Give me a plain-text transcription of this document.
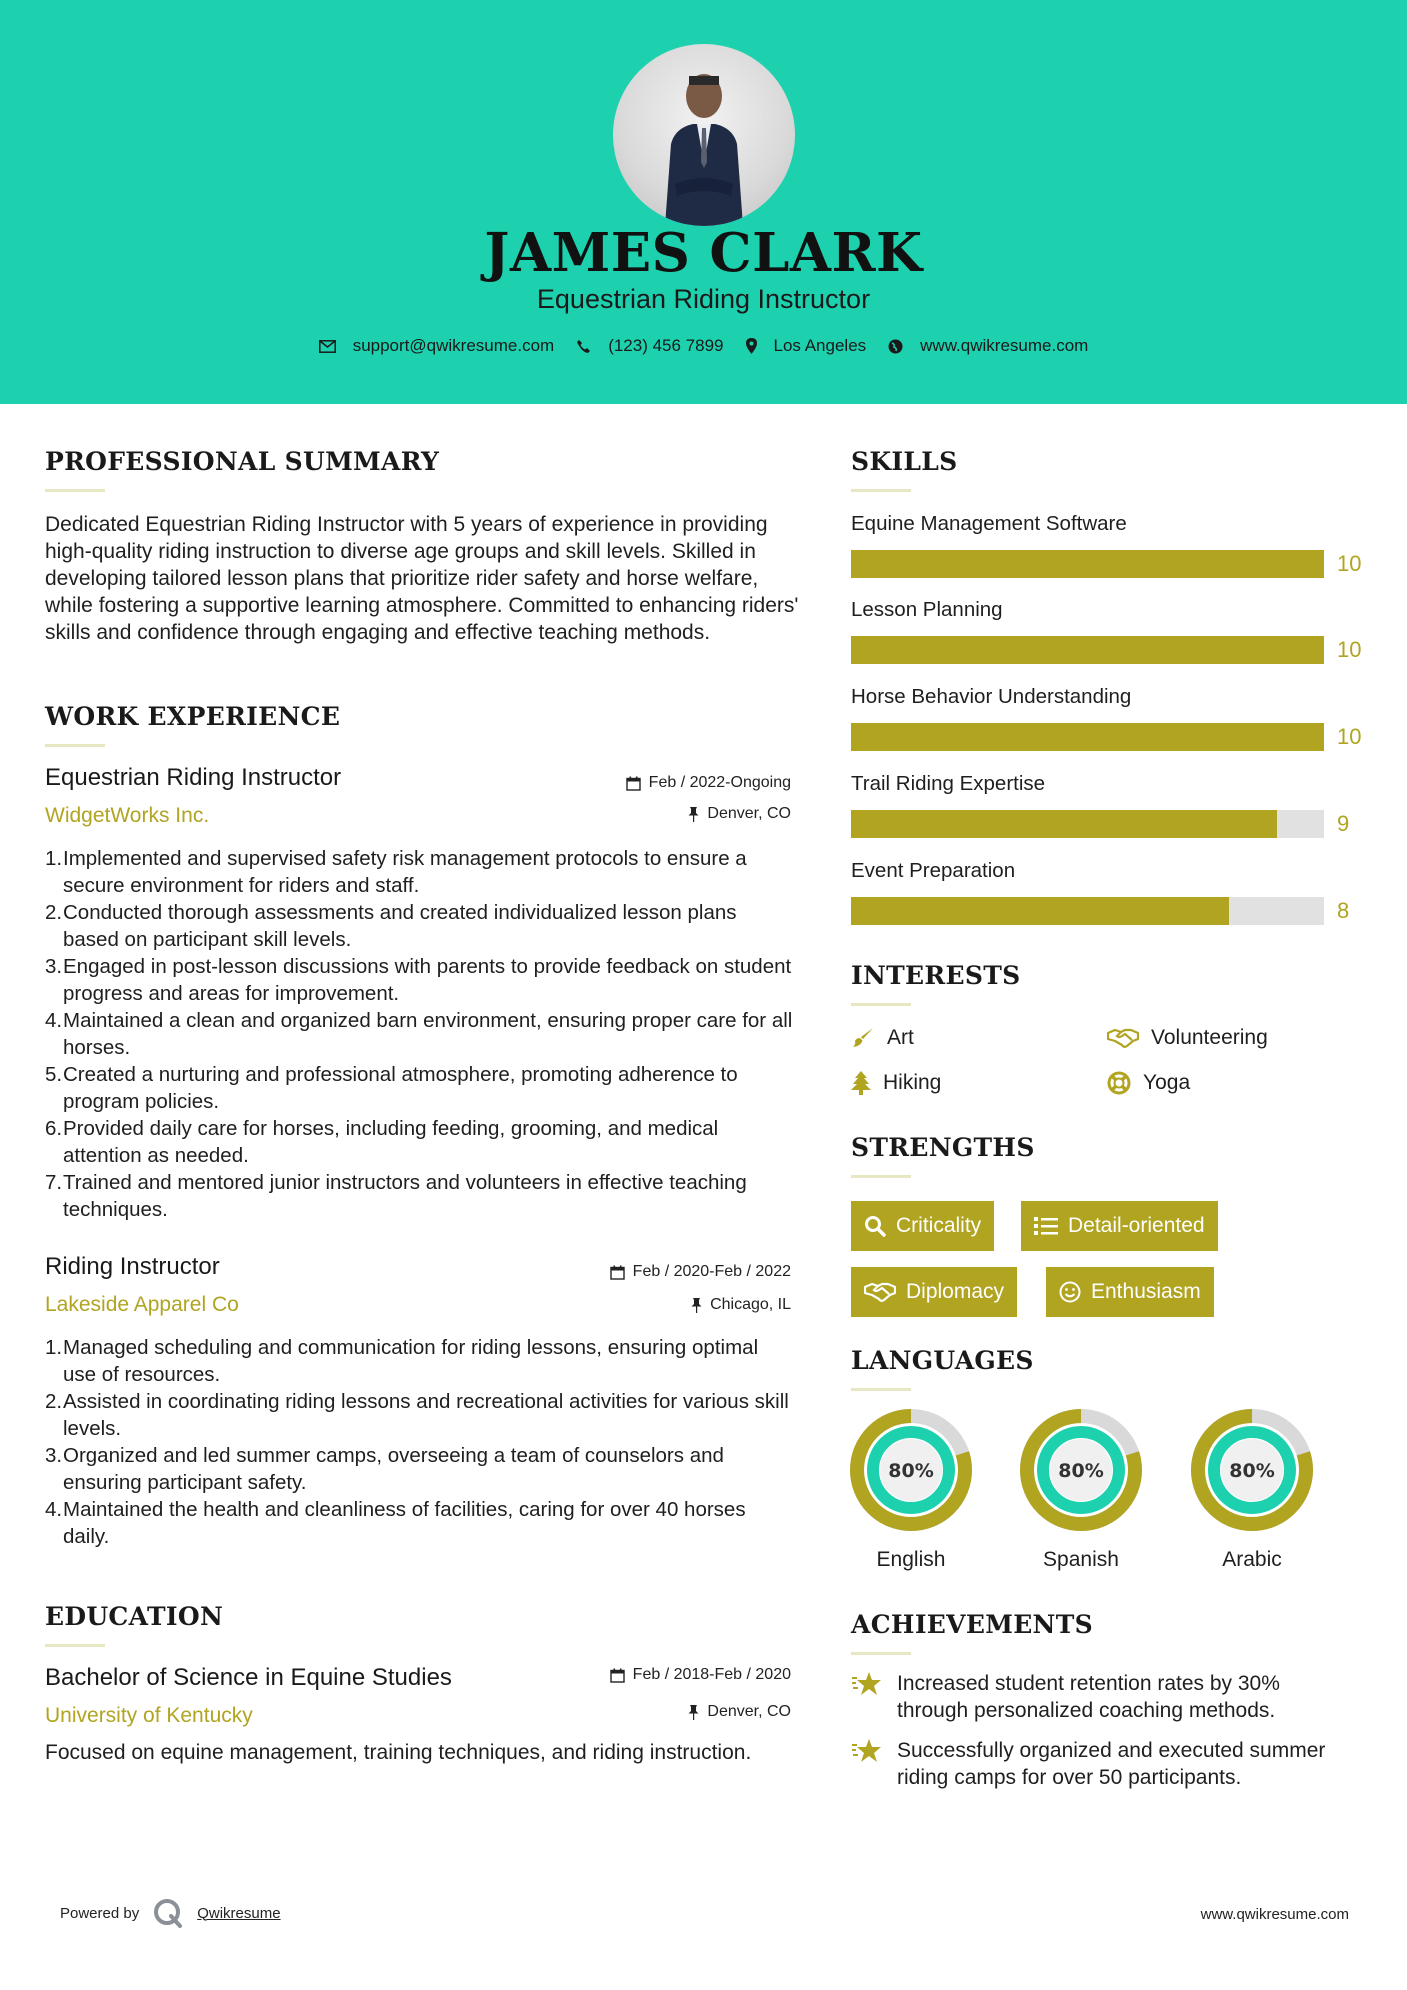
JAMES CLARK
Equestrian Riding Instructor
support@qwikresume.com	(123) 456 7899	Los Angeles	www.qwikresume.com
PROFESSIONAL SUMMARY
Dedicated Equestrian Riding Instructor with 5 years of experience in providing high-quality riding instruction to diverse age groups and skill levels. Skilled in developing tailored lesson plans that prioritize rider safety and horse welfare, while fostering a supportive learning atmosphere. Committed to enhancing riders' skills and confidence through engaging and effective teaching methods.
WORK EXPERIENCE
Equestrian Riding Instructor
WidgetWorks Inc.
Feb / 2022-Ongoing
Denver, CO
1.Implemented and supervised safety risk management protocols to ensure a secure environment for riders and staff.
2.Conducted thorough assessments and created individualized lesson plans based on participant skill levels.
3.Engaged in post-lesson discussions with parents to provide feedback on student progress and areas for improvement.
4.Maintained a clean and organized barn environment, ensuring proper care for all horses.
5.Created a nurturing and professional atmosphere, promoting adherence to program policies.
6.Provided daily care for horses, including feeding, grooming, and medical attention as needed.
7.Trained and mentored junior instructors and volunteers in effective teaching techniques.
Riding Instructor
Lakeside Apparel Co
Feb / 2020-Feb / 2022
Chicago, IL
1.Managed scheduling and communication for riding lessons, ensuring optimal use of resources.
2.Assisted in coordinating riding lessons and recreational activities for various skill levels.
3.Organized and led summer camps, overseeing a team of counselors and ensuring participant safety.
4.Maintained the health and cleanliness of facilities, caring for over 40 horses daily.
EDUCATION
Bachelor of Science in Equine Studies
University of Kentucky
Feb / 2018-Feb / 2020
Denver, CO
Focused on equine management, training techniques, and riding instruction.
SKILLS
Equine Management Software
10
Lesson Planning
10
Horse Behavior Understanding
10
Trail Riding Expertise
9
Event Preparation
8
INTERESTS
Art	Volunteering
Hiking	Yoga
STRENGTHS
Criticality	Detail-oriented
Diplomacy	Enthusiasm
LANGUAGES
80%
English
80%
Spanish
80%
Arabic
ACHIEVEMENTS
Increased student retention rates by 30% through personalized coaching methods.
Successfully organized and executed summer riding camps for over 50 participants.
Powered by	Qwikresume	www.qwikresume.com
